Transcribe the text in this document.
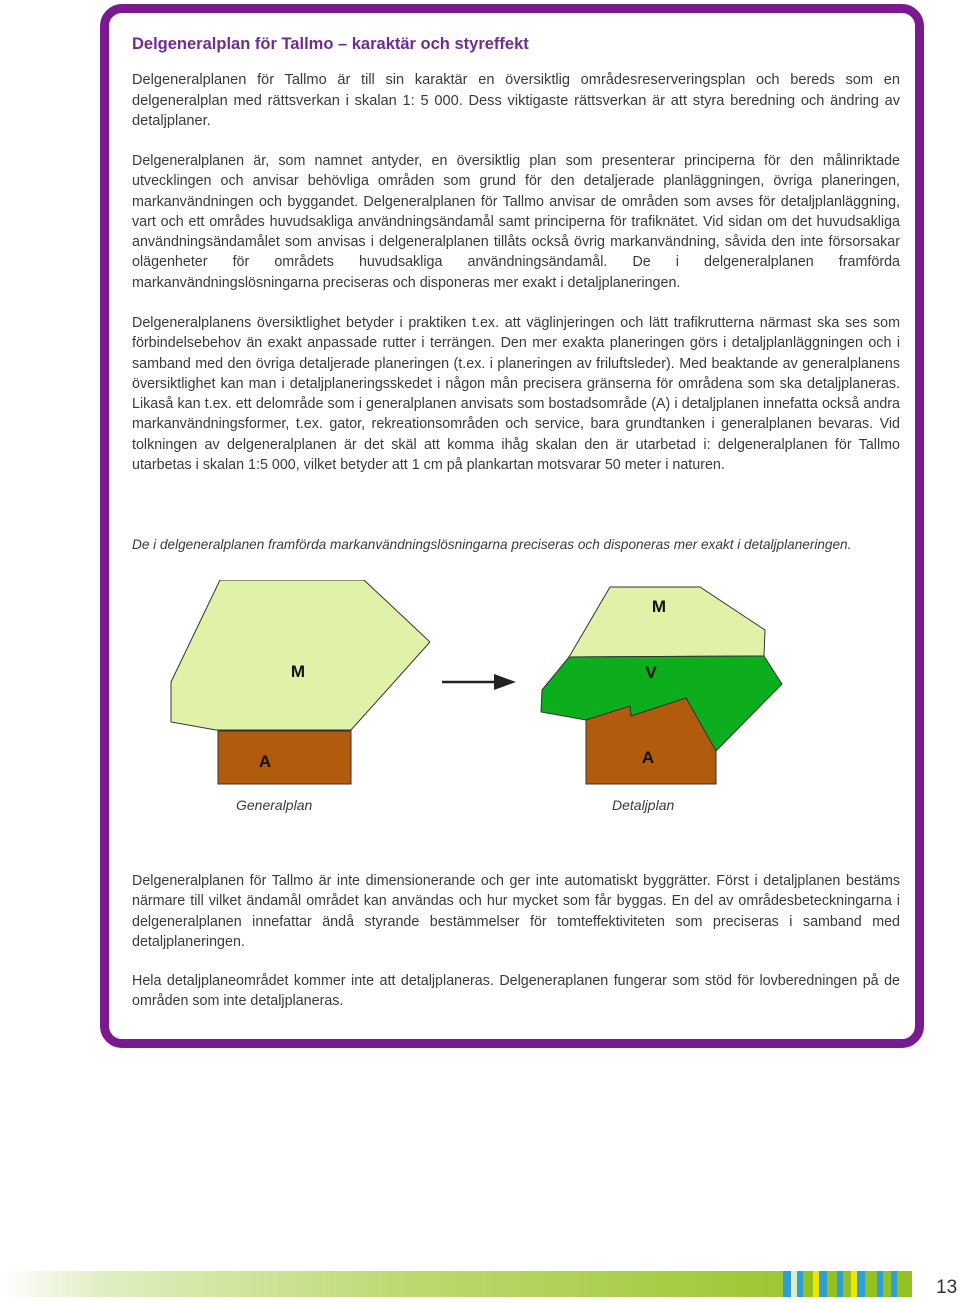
Delgeneralplan för Tallmo – karaktär och styreffekt

Delgeneralplanen för Tallmo är till sin karaktär en översiktlig områdesreserveringsplan och bereds som en delgeneralplan med rättsverkan i skalan 1: 5 000. Dess viktigaste rättsverkan är att styra beredning och ändring av detaljplaner.

Delgeneralplanen är, som namnet antyder, en översiktlig plan som presenterar principerna för den målinriktade utvecklingen och anvisar behövliga områden som grund för den detaljerade planläggningen, övriga planeringen, markanvändningen och byggandet. Delgeneralplanen för Tallmo anvisar de områden som avses för detaljplanläggning, vart och ett områdes huvudsakliga användningsändamål samt principerna för trafiknätet. Vid sidan om det huvudsakliga användningsändamålet som anvisas i delgeneralplanen tillåts också övrig markanvändning, såvida den inte försorsakar olägenheter för områdets huvudsakliga användningsändamål. De i delgeneralplanen framförda markanvändningslösningarna preciseras och disponeras mer exakt i detaljplaneringen.

Delgeneralplanens översiktlighet betyder i praktiken t.ex. att väglinjeringen och lätt trafikrutterna närmast ska ses som förbindelsebehov än exakt anpassade rutter i terrängen. Den mer exakta planeringen görs i detaljplanläggningen och i samband med den övriga detaljerade planeringen (t.ex. i planeringen av friluftsleder). Med beaktande av generalplanens översiktlighet kan man i detaljplaneringsskedet i någon mån precisera gränserna för områdena som ska detaljplaneras. Likaså kan t.ex. ett delområde som i generalplanen anvisats som bostadsområde (A) i detaljplanen innefatta också andra markanvändningsformer, t.ex. gator, rekreationsområden och service, bara grundtanken i generalplanen bevaras. Vid tolkningen av delgeneralplanen är det skäl att komma ihåg skalan den är utarbetad i: delgeneralplanen för Tallmo utarbetas i skalan 1:5 000, vilket betyder att 1 cm på plankartan motsvarar 50 meter i naturen.

De i delgeneralplanen framförda markanvändningslösningarna preciseras och disponeras mer exakt i detaljplaneringen.

M
A
M
V
A

Generalplan	Detaljplan

Delgeneralplanen för Tallmo är inte dimensionerande och ger inte automatiskt byggrätter. Först i detaljplanen bestäms närmare till vilket ändamål området kan användas och hur mycket som får byggas. En del av områdesbeteckningarna i delgeneralplanen innefattar ändå styrande bestämmelser för tomteffektiviteten som preciseras i samband med detaljplaneringen.

Hela detaljplaneområdet kommer inte att detaljplaneras. Delgeneraplanen fungerar som stöd för lovberedningen på de områden som inte detaljplaneras.

13
